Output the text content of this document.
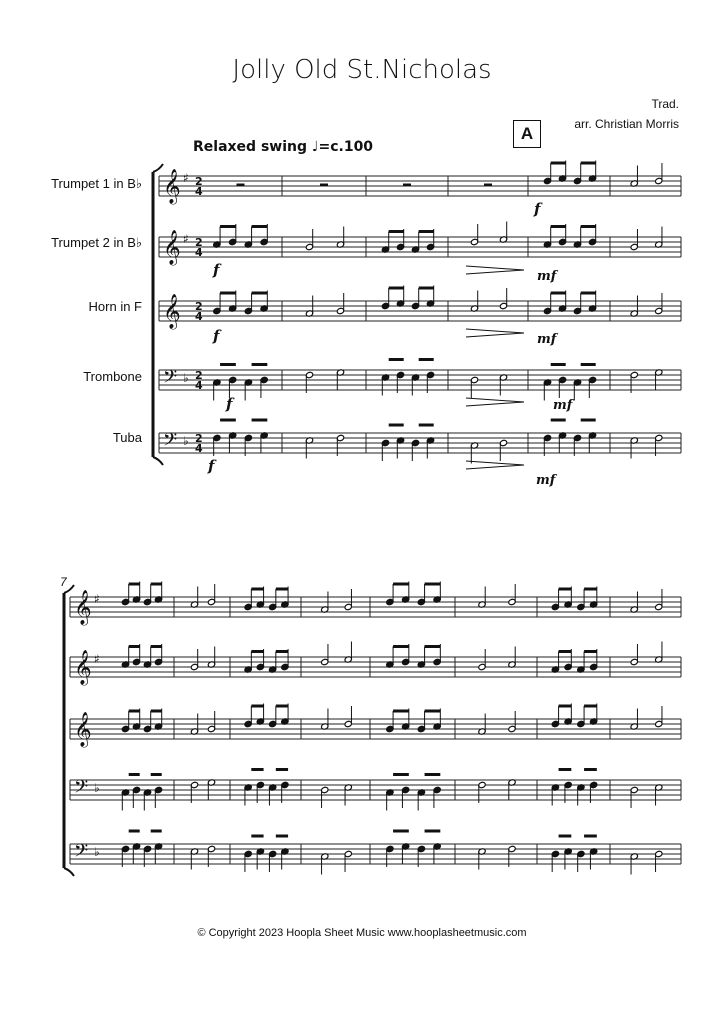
Jolly Old St.Nicholas
Trad.
arr. Christian Morris
A
Relaxed swing ♩=c.100
Trumpet 1 in B♭
Trumpet 2 in B♭
Horn in F
Trombone
Tuba
7
𝄞 ♯ 2
4
𝄞 ♯ 2
4
𝄞 2
4
𝄢 ♭ 2
4
𝄢 ♭ 2
4
f
f
f
f
f
mf
mf
mf
mf
𝄞 ♯
𝄞 ♯
𝄞
𝄢 ♭
𝄢 ♭
© Copyright 2023 Hoopla Sheet Music www.hooplasheetmusic.com
